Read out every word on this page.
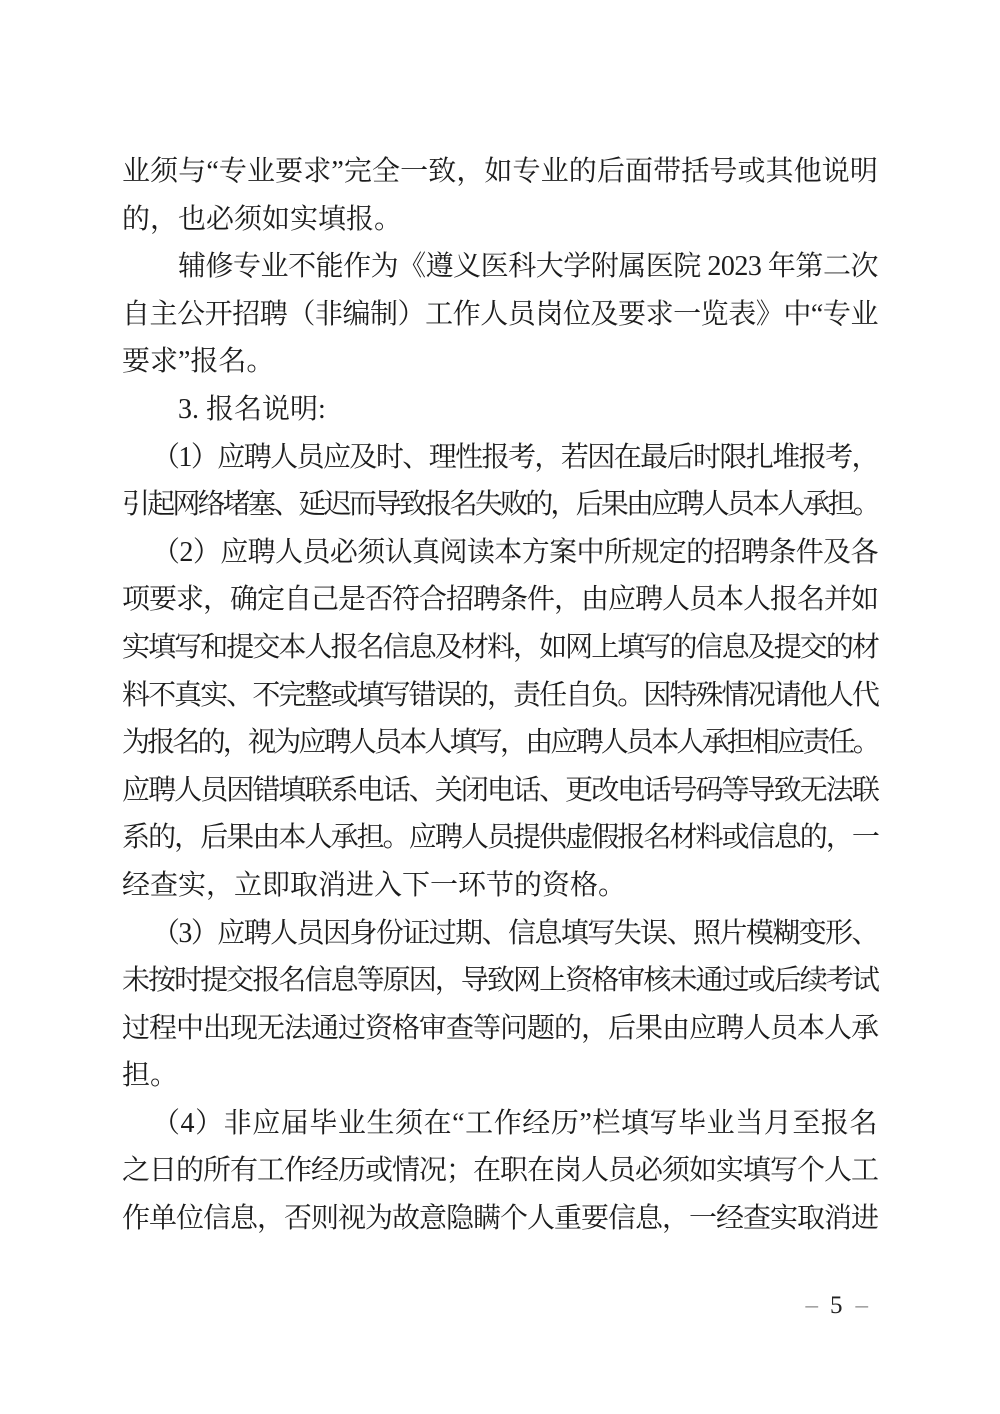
业须与“专业要求”完全一致，如专业的后面带括号或其他说明
的，也必须如实填报。
辅修专业不能作为《遵义医科大学附属医院 2023 年第二次
自主公开招聘（非编制）工作人员岗位及要求一览表》中“专业
要求”报名。
3. 报名说明:
（1）应聘人员应及时、理性报考，若因在最后时限扎堆报考，
引起网络堵塞、延迟而导致报名失败的，后果由应聘人员本人承担。
（2）应聘人员必须认真阅读本方案中所规定的招聘条件及各
项要求，确定自己是否符合招聘条件，由应聘人员本人报名并如
实填写和提交本人报名信息及材料，如网上填写的信息及提交的材
料不真实、不完整或填写错误的，责任自负。因特殊情况请他人代
为报名的，视为应聘人员本人填写，由应聘人员本人承担相应责任。
应聘人员因错填联系电话、关闭电话、更改电话号码等导致无法联
系的，后果由本人承担。应聘人员提供虚假报名材料或信息的，一
经查实，立即取消进入下一环节的资格。
（3）应聘人员因身份证过期、信息填写失误、照片模糊变形、
未按时提交报名信息等原因，导致网上资格审核未通过或后续考试
过程中出现无法通过资格审查等问题的，后果由应聘人员本人承
担。
（4）非应届毕业生须在“工作经历”栏填写毕业当月至报名
之日的所有工作经历或情况；在职在岗人员必须如实填写个人工
作单位信息，否则视为故意隐瞒个人重要信息，一经查实取消进
– 5 –
